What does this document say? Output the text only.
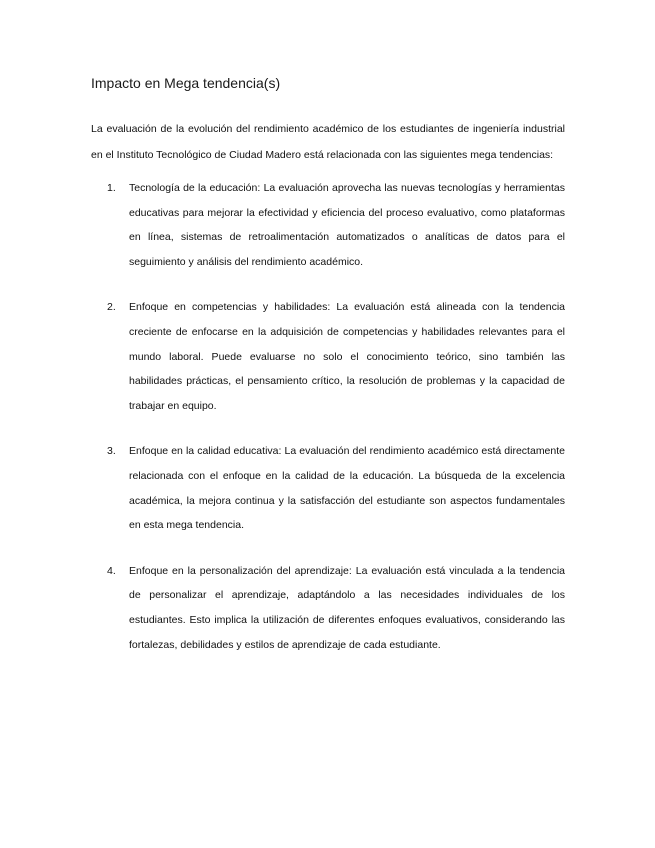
Impacto en Mega tendencia(s)

La evaluación de la evolución del rendimiento académico de los estudiantes de ingeniería industrial en el Instituto Tecnológico de Ciudad Madero está relacionada con las siguientes mega tendencias:

1.	Tecnología de la educación: La evaluación aprovecha las nuevas tecnologías y herramientas educativas para mejorar la efectividad y eficiencia del proceso evaluativo, como plataformas en línea, sistemas de retroalimentación automatizados o analíticas de datos para el seguimiento y análisis del rendimiento académico.
2.	Enfoque en competencias y habilidades: La evaluación está alineada con la tendencia creciente de enfocarse en la adquisición de competencias y habilidades relevantes para el mundo laboral. Puede evaluarse no solo el conocimiento teórico, sino también las habilidades prácticas, el pensamiento crítico, la resolución de problemas y la capacidad de trabajar en equipo.
3.	Enfoque en la calidad educativa: La evaluación del rendimiento académico está directamente relacionada con el enfoque en la calidad de la educación. La búsqueda de la excelencia académica, la mejora continua y la satisfacción del estudiante son aspectos fundamentales en esta mega tendencia.
4.	Enfoque en la personalización del aprendizaje: La evaluación está vinculada a la tendencia de personalizar el aprendizaje, adaptándolo a las necesidades individuales de los estudiantes. Esto implica la utilización de diferentes enfoques evaluativos, considerando las fortalezas, debilidades y estilos de aprendizaje de cada estudiante.
